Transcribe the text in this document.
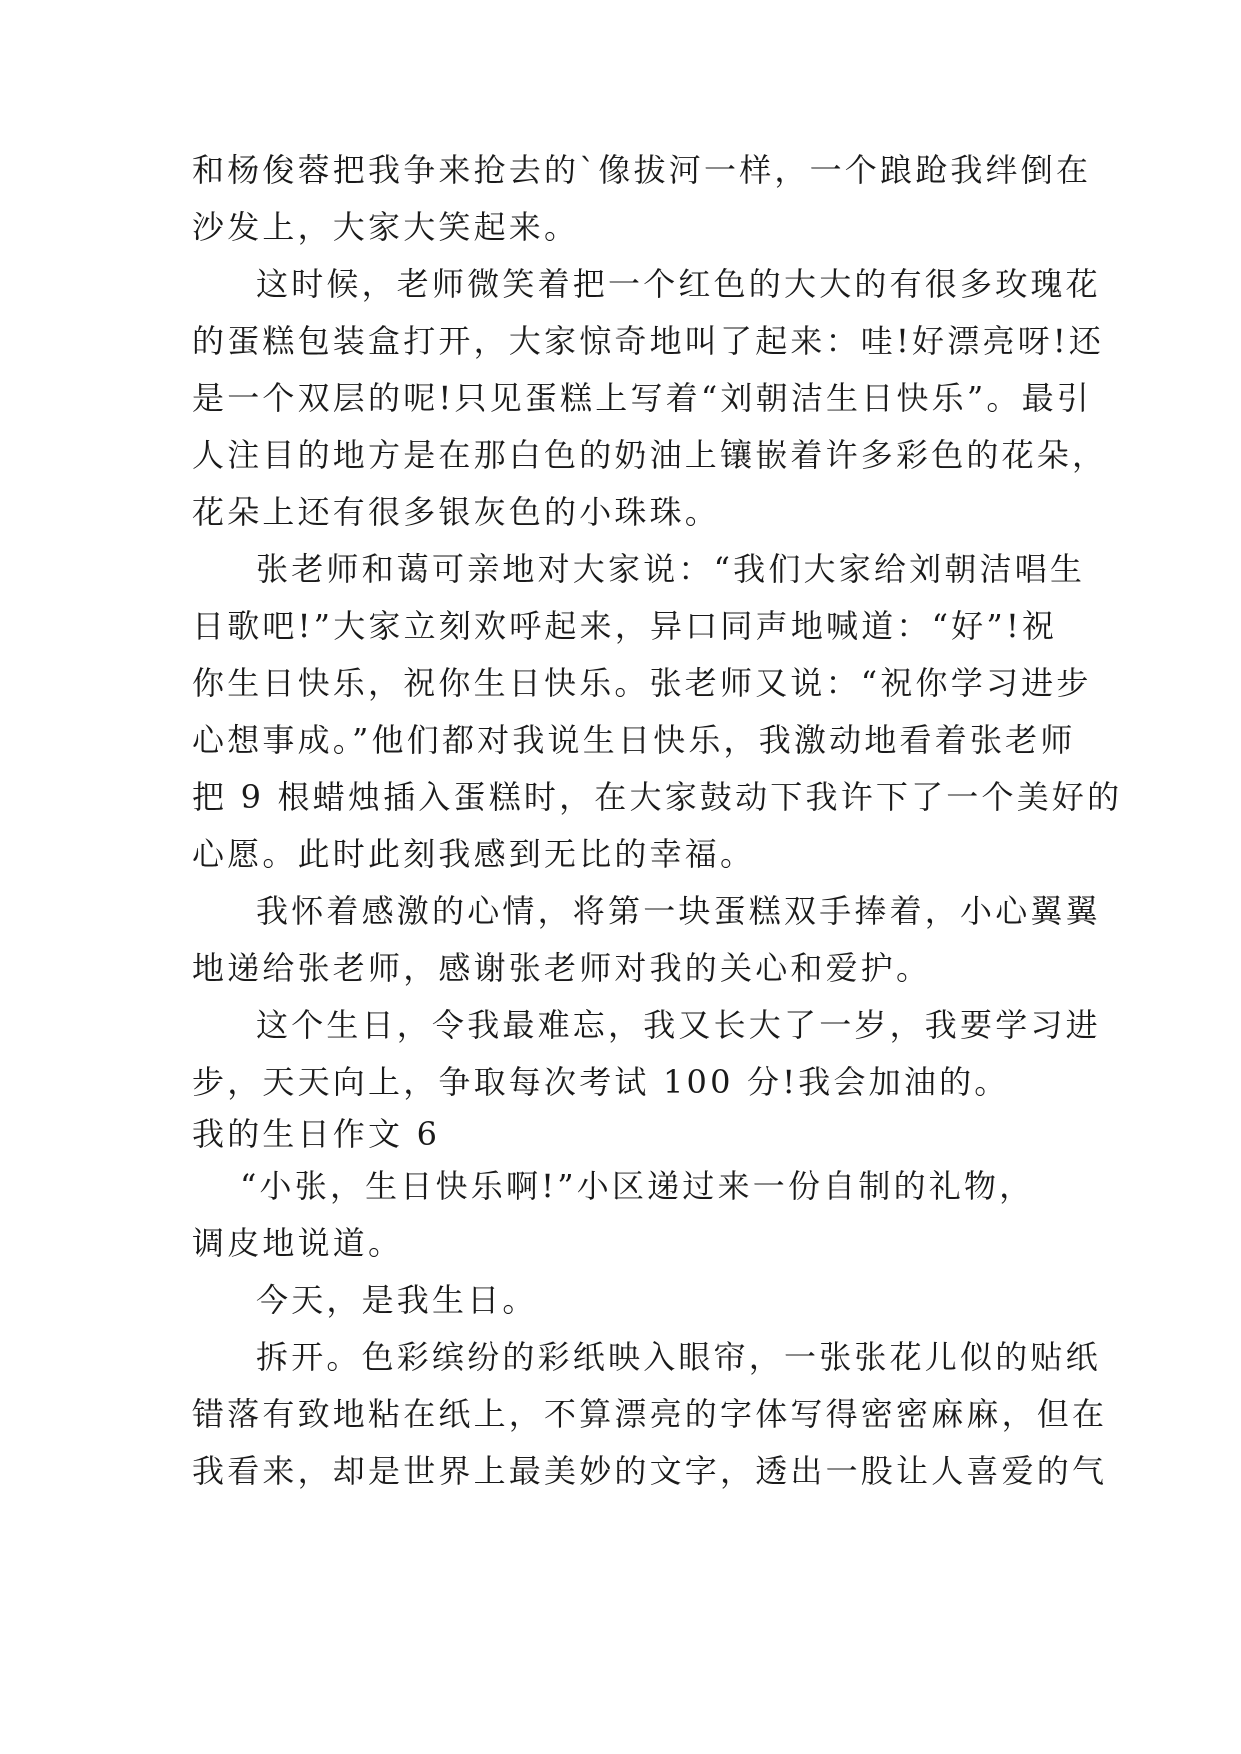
和杨俊蓉把我争来抢去的`像拔河一样，一个踉跄我绊倒在
沙发上，大家大笑起来。
这时候，老师微笑着把一个红色的大大的有很多玫瑰花
的蛋糕包装盒打开，大家惊奇地叫了起来：哇!好漂亮呀!还
是一个双层的呢!只见蛋糕上写着“刘朝洁生日快乐”。最引
人注目的地方是在那白色的奶油上镶嵌着许多彩色的花朵，
花朵上还有很多银灰色的小珠珠。
张老师和蔼可亲地对大家说：“我们大家给刘朝洁唱生
日歌吧!”大家立刻欢呼起来，异口同声地喊道：“好”!祝
你生日快乐，祝你生日快乐。张老师又说：“祝你学习进步
心想事成。”他们都对我说生日快乐，我激动地看着张老师
把 9 根蜡烛插入蛋糕时，在大家鼓动下我许下了一个美好的
心愿。此时此刻我感到无比的幸福。
我怀着感激的心情，将第一块蛋糕双手捧着，小心翼翼
地递给张老师，感谢张老师对我的关心和爱护。
这个生日，令我最难忘，我又长大了一岁，我要学习进
步，天天向上，争取每次考试 100 分!我会加油的。
我的生日作文 6
“小张，生日快乐啊!”小区递过来一份自制的礼物，
调皮地说道。
今天，是我生日。
拆开。色彩缤纷的彩纸映入眼帘，一张张花儿似的贴纸
错落有致地粘在纸上，不算漂亮的字体写得密密麻麻，但在
我看来，却是世界上最美妙的文字，透出一股让人喜爱的气
